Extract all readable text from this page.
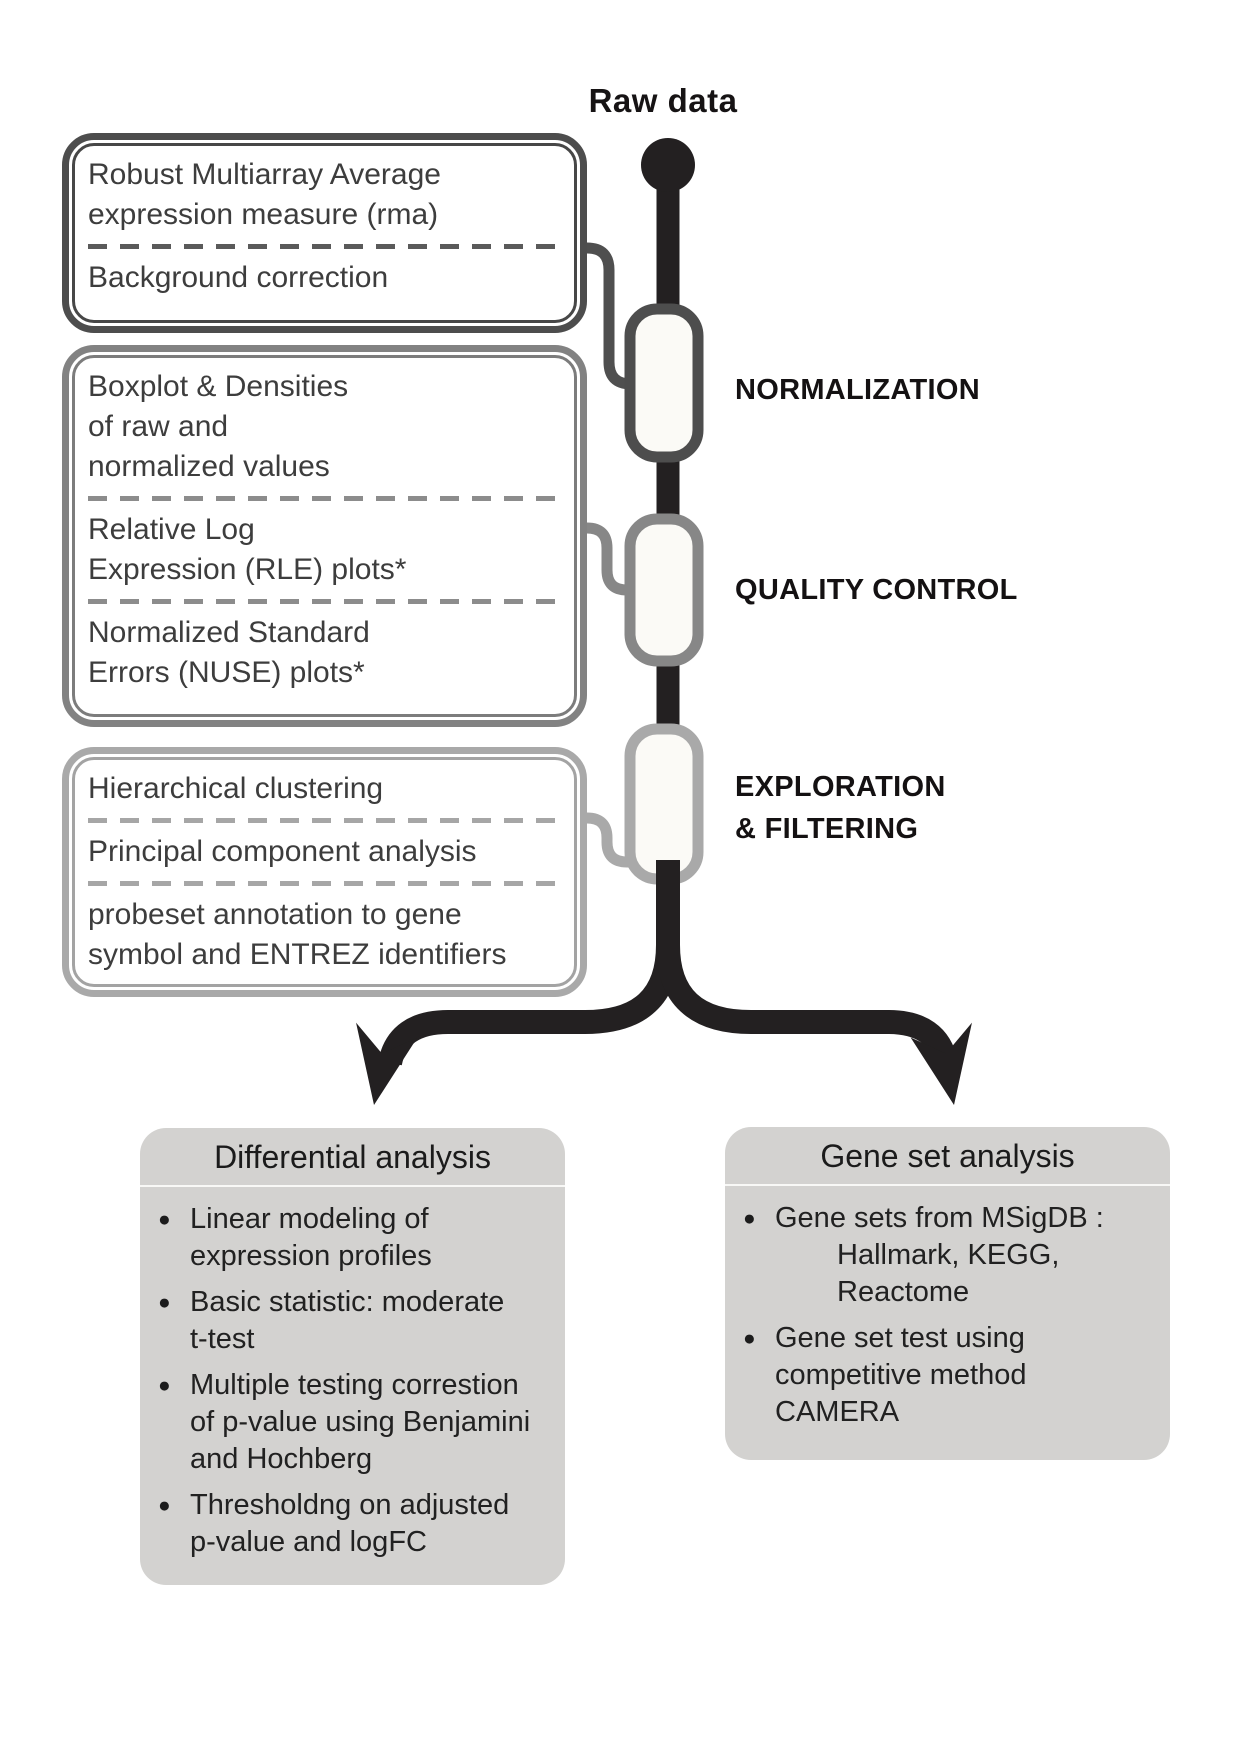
Raw data
Robust Multiarray Average
expression measure (rma)
Background correction
Boxplot & Densities
of raw and
normalized values
Relative Log
Expression (RLE) plots*
Normalized Standard
Errors (NUSE) plots*
Hierarchical clustering
Principal component analysis
probeset annotation to gene
symbol and ENTREZ identifiers
NORMALIZATION
QUALITY CONTROL
EXPLORATION
& FILTERING
Differential analysis
● Linear modeling of
expression profiles
● Basic statistic: moderate
t-test
● Multiple testing correstion
of p-value using Benjamini
and Hochberg
● Thresholdng on adjusted
p-value and logFC
Gene set analysis
● Gene sets from MSigDB :
Hallmark, KEGG,
Reactome
● Gene set test using
competitive method
CAMERA
